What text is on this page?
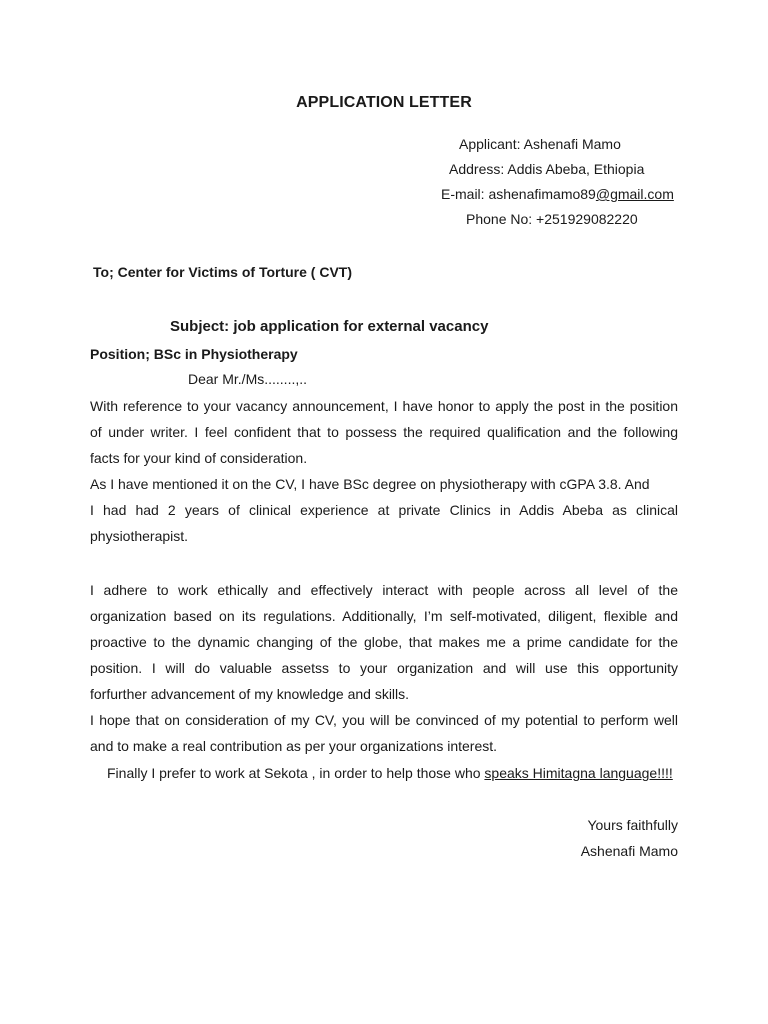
APPLICATION LETTER
Applicant: Ashenafi Mamo
Address: Addis Abeba, Ethiopia
E-mail: ashenafimamo89@gmail.com
Phone No: +251929082220
To; Center for Victims of Torture ( CVT)
Subject: job application for external vacancy
Position; BSc in Physiotherapy
Dear Mr./Ms........,..
With reference to your vacancy announcement, I have honor to apply the post in the position
of under writer. I feel confident that to possess the required qualification and the following
facts for your kind of consideration.
As I have mentioned it on the CV, I have BSc degree on physiotherapy with cGPA 3.8. And
I had had 2 years of clinical experience at private Clinics in Addis Abeba as clinical
physiotherapist.
I adhere to work ethically and effectively interact with people across all level of the
organization based on its regulations. Additionally, I’m self-motivated, diligent, flexible and
proactive to the dynamic changing of the globe, that makes me a prime candidate for the
position. I will do valuable assetss to your organization and will use this opportunity
forfurther advancement of my knowledge and skills.
I hope that on consideration of my CV, you will be convinced of my potential to perform well
and to make a real contribution as per your organizations interest.
Finally I prefer to work at Sekota , in order to help those who speaks Himitagna language!!!!
Yours faithfully
Ashenafi Mamo
